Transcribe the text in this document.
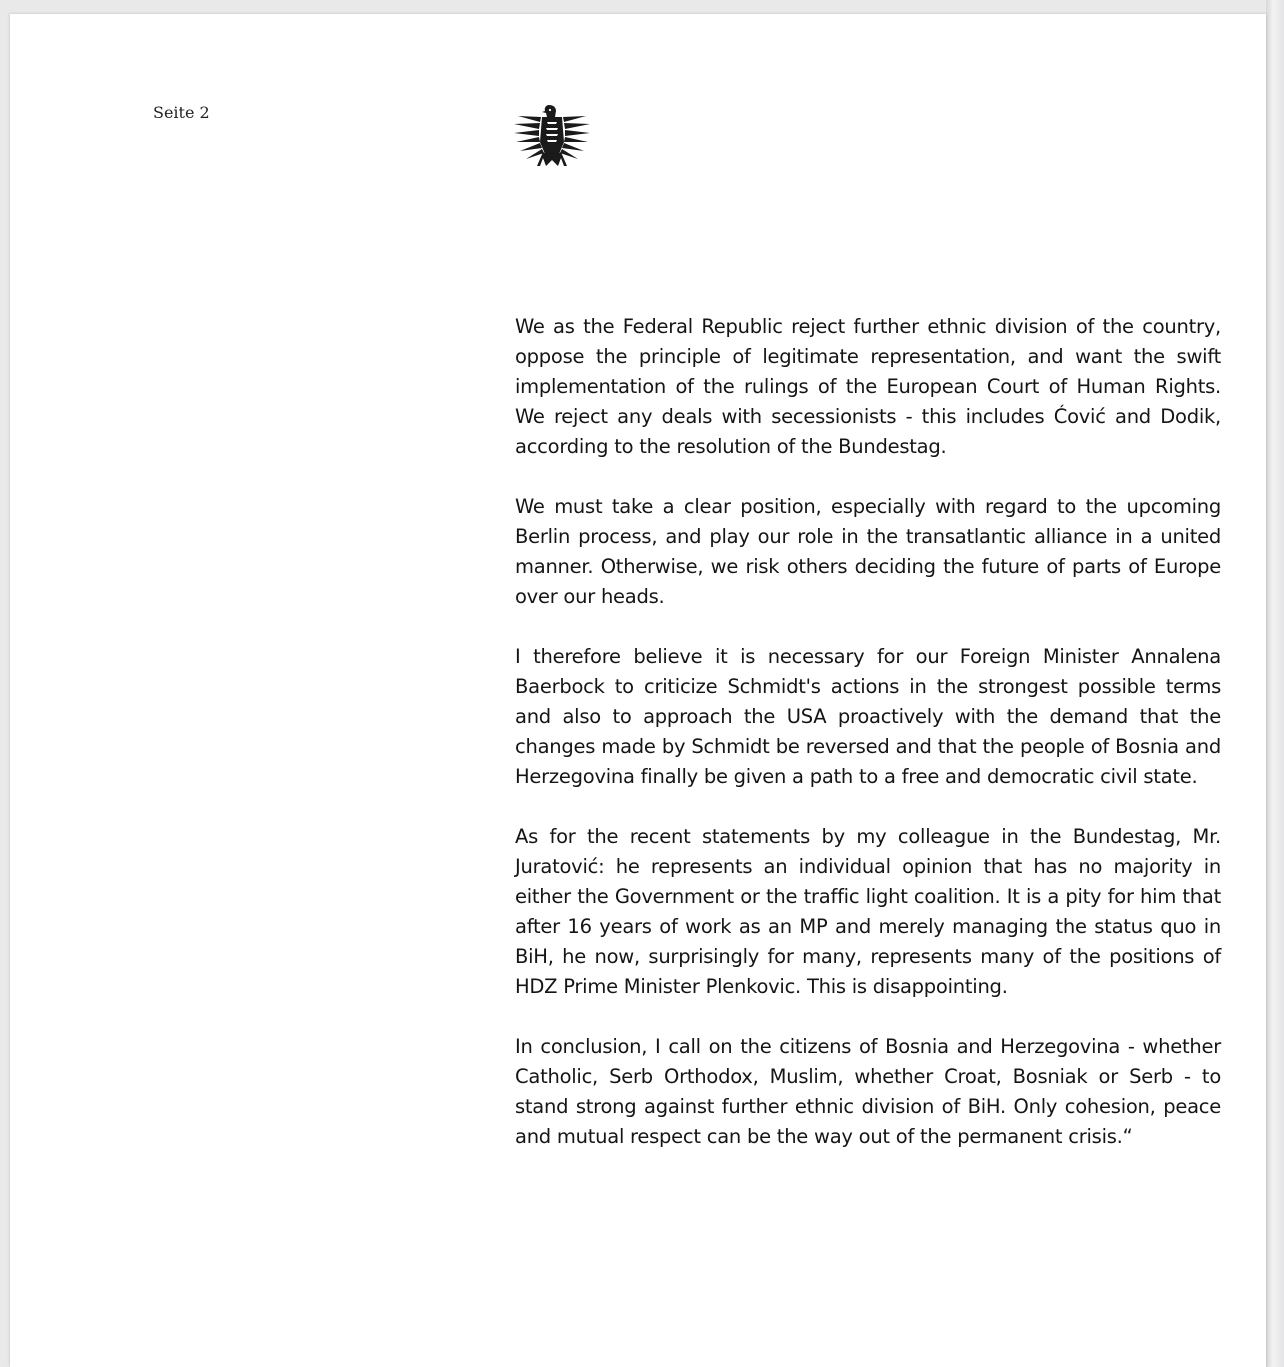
Seite 2

We as the Federal Republic reject further ethnic division of the country, oppose the principle of legitimate representation, and want the swift implementation of the rulings of the European Court of Human Rights. We reject any deals with secessionists - this includes Ćović and Dodik, according to the resolution of the Bundestag.

We must take a clear position, especially with regard to the upcoming Berlin process, and play our role in the transatlantic alliance in a united manner. Otherwise, we risk others deciding the future of parts of Europe over our heads.

I therefore believe it is necessary for our Foreign Minister Annalena Baerbock to criticize Schmidt's actions in the strongest possible terms and also to approach the USA proactively with the demand that the changes made by Schmidt be reversed and that the people of Bosnia and Herzegovina finally be given a path to a free and democratic civil state.

As for the recent statements by my colleague in the Bundestag, Mr. Juratović: he represents an individual opinion that has no majority in either the Government or the traffic light coalition. It is a pity for him that after 16 years of work as an MP and merely managing the status quo in BiH, he now, surprisingly for many, represents many of the positions of HDZ Prime Minister Plenkovic. This is disappointing.

In conclusion, I call on the citizens of Bosnia and Herzegovina - whether Catholic, Serb Orthodox, Muslim, whether Croat, Bosniak or Serb - to stand strong against further ethnic division of BiH. Only cohesion, peace and mutual respect can be the way out of the permanent crisis.“
